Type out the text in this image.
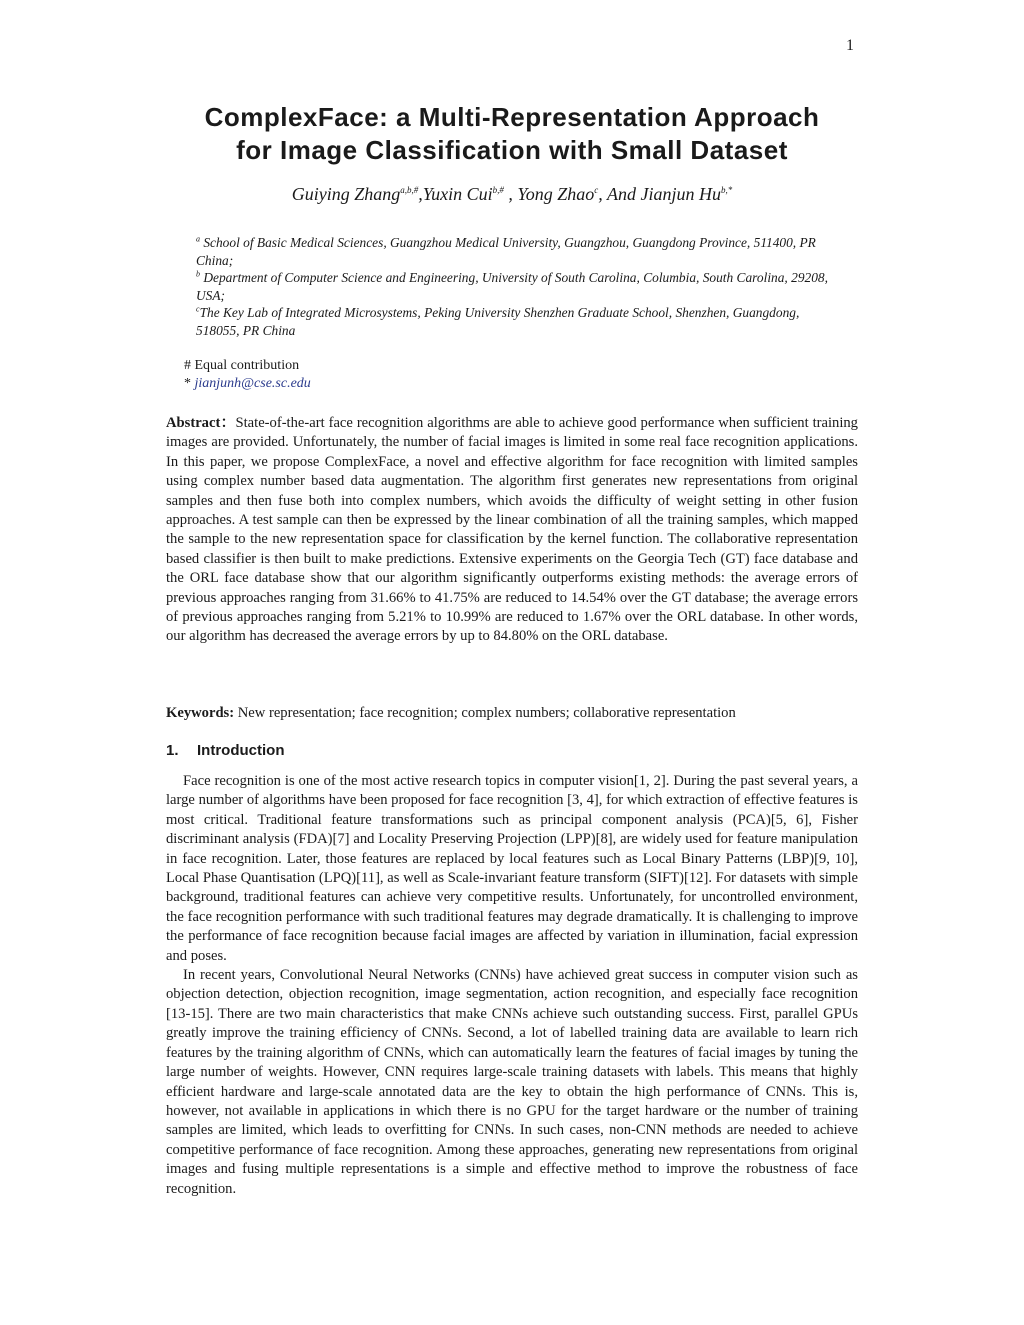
1
ComplexFace: a Multi-Representation Approach
for Image Classification with Small Dataset
Guiying Zhang$^{a,b,\#}$,Yuxin Cui$^{b,\#}$ , Yong Zhao$^c$, And Jianjun $Hu^{b,*}$

$^a$ School of Basic Medical Sciences, Guangzhou Medical University, Guangzhou, Guangdong Province, 511400, PR China;

$^b$ Department of Computer Science and Engineering, University of South Carolina, Columbia, South Carolina, 29208, USA;

$^c$The Key Lab of Integrated Microsystems, Peking University Shenzhen Graduate School, Shenzhen, Guangdong, 518055, PR China

# Equal contribution

* jianjunh@cse.sc.edu

Abstract：State-of-the-art face recognition algorithms are able to achieve good performance when sufficient training images are provided. Unfortunately, the number of facial images is limited in some real face recognition applications. In this paper, we propose ComplexFace, a novel and effective algorithm for face recognition with limited samples using complex number based data augmentation. The algorithm first generates new representations from original samples and then fuse both into complex numbers, which avoids the difficulty of weight setting in other fusion approaches. A test sample can then be expressed by the linear combination of all the training samples, which mapped the sample to the new representation space for classification by the kernel function. The collaborative representation based classifier is then built to make predictions. Extensive experiments on the Georgia Tech (GT) face database and the ORL face database show that our algorithm significantly outperforms existing methods: the average errors of previous approaches ranging from 31.66% to 41.75% are reduced to 14.54% over the GT database; the average errors of previous approaches ranging from 5.21% to 10.99% are reduced to 1.67% over the ORL database. In other words, our algorithm has decreased the average errors by up to 84.80% on the ORL database.
Keywords: New representation; face recognition; complex numbers; collaborative representation
1. Introduction

Face recognition is one of the most active research topics in computer vision[1, 2]. During the past several years, a large number of algorithms have been proposed for face recognition [3, 4], for which extraction of effective features is most critical. Traditional feature transformations such as principal component analysis (PCA)[5, 6], Fisher discriminant analysis (FDA)[7] and Locality Preserving Projection (LPP)[8], are widely used for feature manipulation in face recognition. Later, those features are replaced by local features such as Local Binary Patterns (LBP)[9, 10], Local Phase Quantisation (LPQ)[11], as well as Scale-invariant feature transform (SIFT)[12]. For datasets with simple background, traditional features can achieve very competitive results. Unfortunately, for uncontrolled environment, the face recognition performance with such traditional features may degrade dramatically. It is challenging to improve the performance of face recognition because facial images are affected by variation in illumination, facial expression and poses.

In recent years, Convolutional Neural Networks (CNNs) have achieved great success in computer vision such as objection detection, objection recognition, image segmentation, action recognition, and especially face recognition [13-15]. There are two main characteristics that make CNNs achieve such outstanding success. First, parallel GPUs greatly improve the training efficiency of CNNs. Second, a lot of labelled training data are available to learn rich features by the training algorithm of CNNs, which can automatically learn the features of facial images by tuning the large number of weights. However, CNN requires large-scale training datasets with labels. This means that highly efficient hardware and large-scale annotated data are the key to obtain the high performance of CNNs. This is, however, not available in applications in which there is no GPU for the target hardware or the number of training samples are limited, which leads to overfitting for CNNs. In such cases, non-CNN methods are needed to achieve competitive performance of face recognition. Among these approaches, generating new representations from original images and fusing multiple representations is a simple and effective method to improve the robustness of face recognition.
